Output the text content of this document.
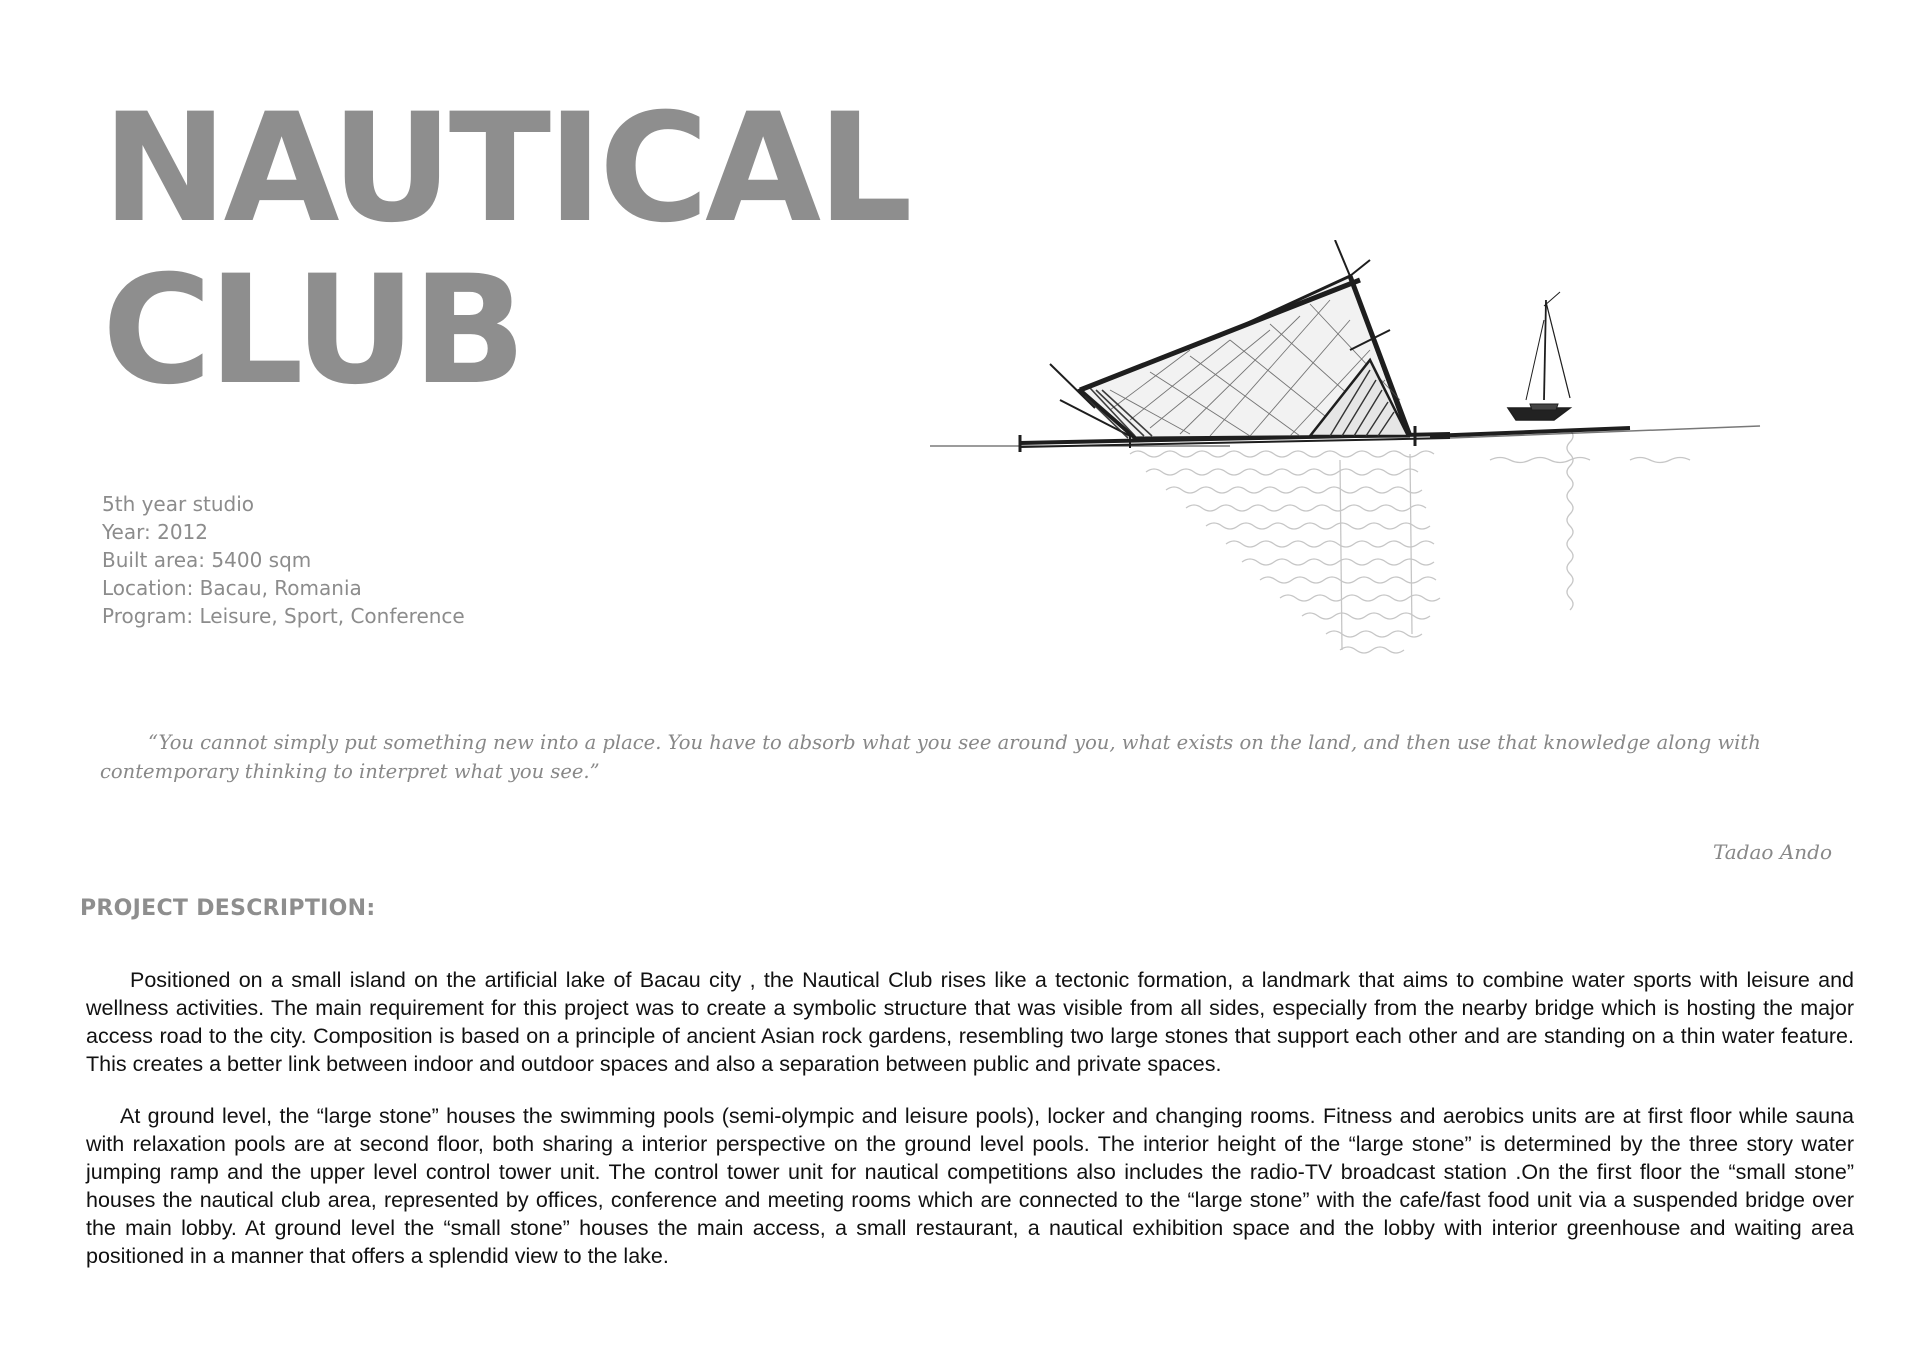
NAUTICAL
CLUB
5th year studio
Year: 2012
Built area: 5400 sqm
Location: Bacau, Romania
Program: Leisure, Sport, Conference

“You cannot simply put something new into a place. You have to absorb what you see around you, what exists on the land, and then use that knowledge along with contemporary thinking to interpret what you see.”

Tadao Ando
PROJECT DESCRIPTION:

Positioned on a small island on the artificial lake of Bacau city , the Nautical Club rises like a tectonic formation, a landmark that aims to combine water sports with leisure and wellness activities. The main requirement for this project was to create a symbolic structure that was visible from all sides, especially from the nearby bridge which is hosting the major access road to the city. Composition is based on a principle of ancient Asian rock gardens, resembling two large stones that support each other and are standing on a thin water feature. This creates a better link between indoor and outdoor spaces and also a separation between public and private spaces.

At ground level, the “large stone” houses the swimming pools (semi-olympic and leisure pools), locker and changing rooms. Fitness and aerobics units are at first floor while sauna with relaxation pools are at second floor, both sharing a interior perspective on the ground level pools. The interior height of the “large stone” is determined by the three story water jumping ramp and the upper level control tower unit. The control tower unit for nautical competitions also includes the radio-TV broadcast station .On the first floor the “small stone” houses the nautical club area, represented by offices, conference and meeting rooms which are connected to the “large stone” with the cafe/fast food unit via a suspended bridge over the main lobby. At ground level the “small stone” houses the main access, a small restaurant, a nautical exhibition space and the lobby with interior greenhouse and waiting area positioned in a manner that offers a splendid view to the lake.
